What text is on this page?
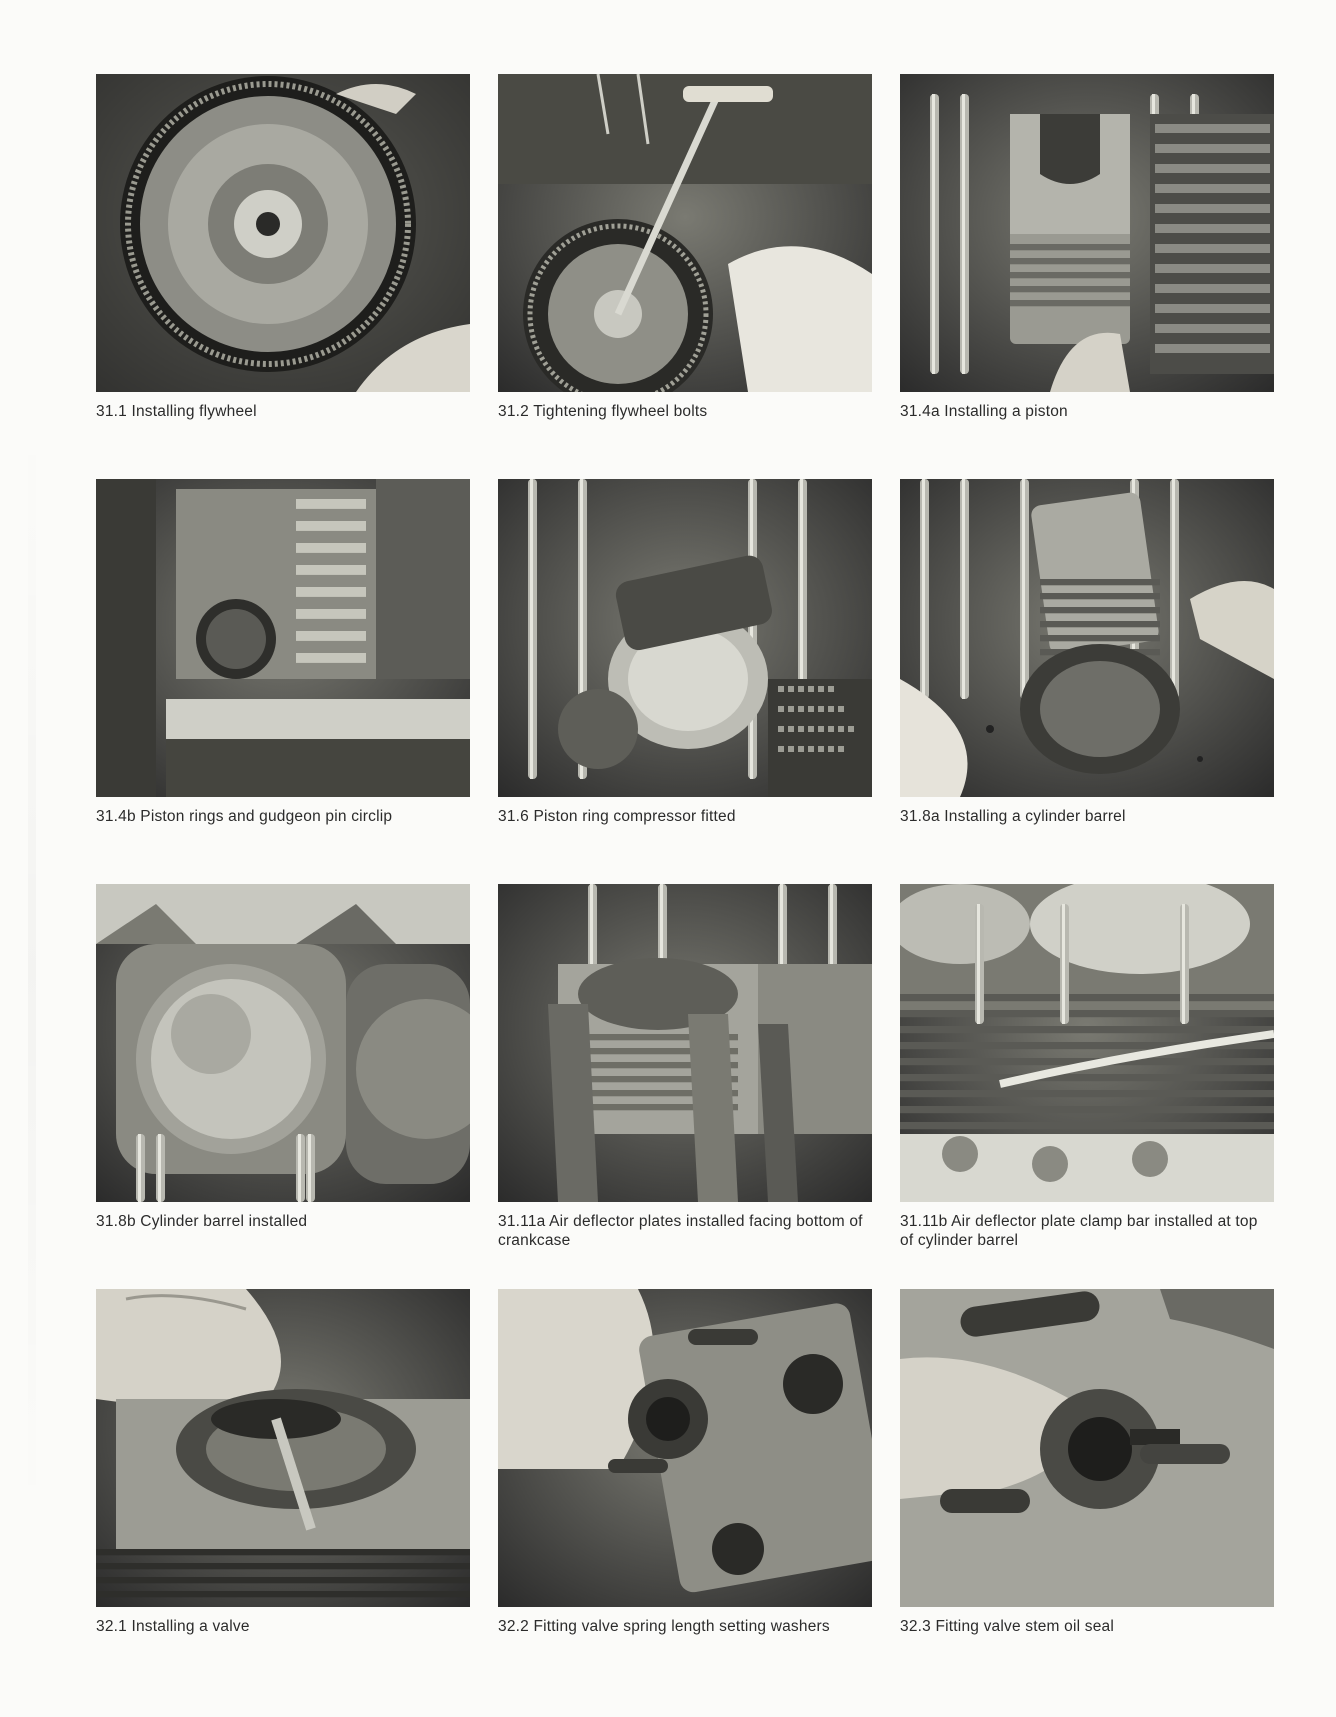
31.1 Installing flywheel	31.2 Tightening flywheel bolts	31.4a Installing a piston
31.4b Piston rings and gudgeon pin circlip	31.6 Piston ring compressor fitted	31.8a Installing a cylinder barrel
31.8b Cylinder barrel installed	31.11a Air deflector plates installed facing bottom of crankcase
31.11b Air deflector plate clamp bar installed at top of cylinder barrel
32.1 Installing a valve	32.2 Fitting valve spring length setting washers	32.3 Fitting valve stem oil seal
